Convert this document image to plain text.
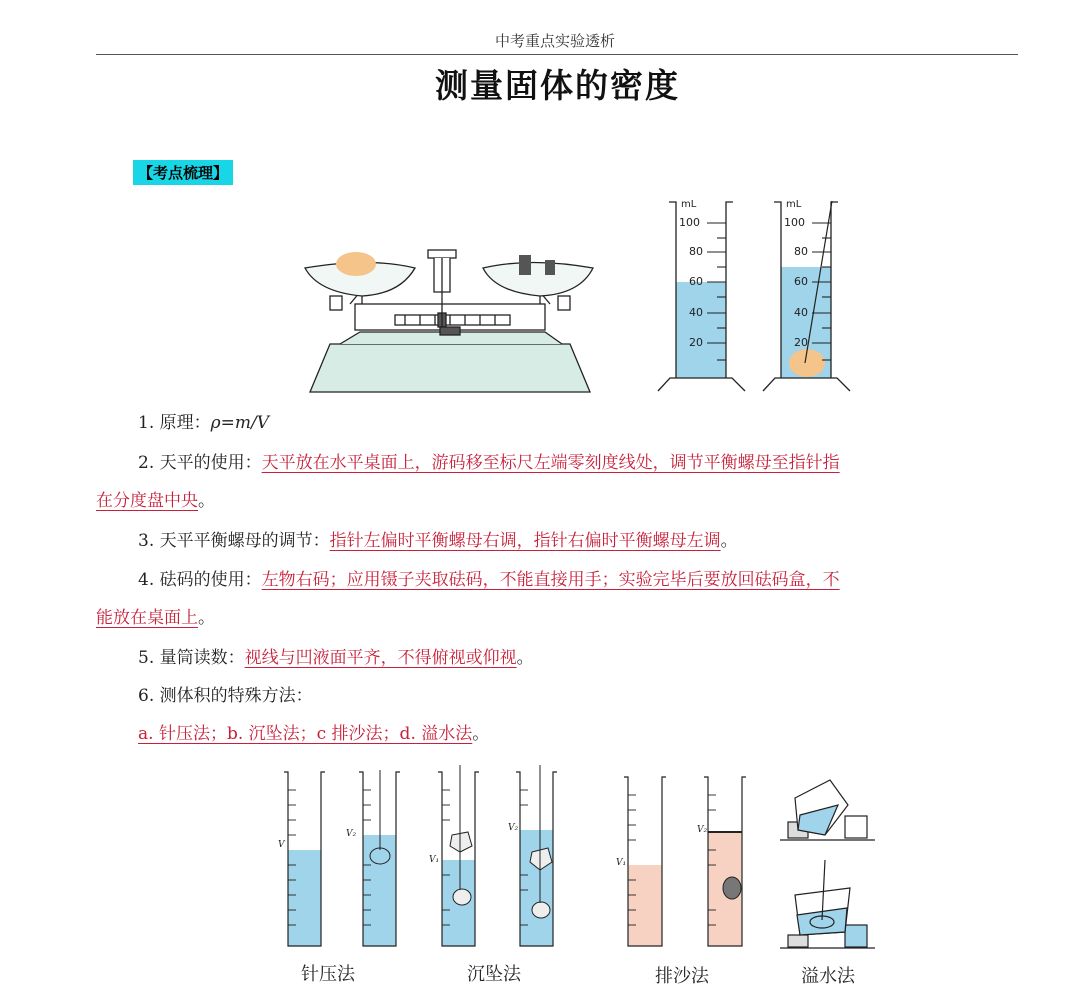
中考重点实验透析
测量固体的密度
【考点梳理】
mL
100
80
60
40
20
mL
100
80
60
40
20
1. 原理：ρ=m/V
2. 天平的使用：天平放在水平桌面上，游码移至标尺左端零刻度线处，调节平衡螺母至指针指
在分度盘中央。
3. 天平平衡螺母的调节：指针左偏时平衡螺母右调，指针右偏时平衡螺母左调。
4. 砝码的使用：左物右码；应用镊子夹取砝码，不能直接用手；实验完毕后要放回砝码盒，不
能放在桌面上。
5. 量筒读数：视线与凹液面平齐，不得俯视或仰视。
6. 测体积的特殊方法：
a. 针压法；b. 沉坠法；c 排沙法；d. 溢水法。
V
V₂
V₁
V₂
V₁
V₂
针压法	沉坠法	排沙法	溢水法
